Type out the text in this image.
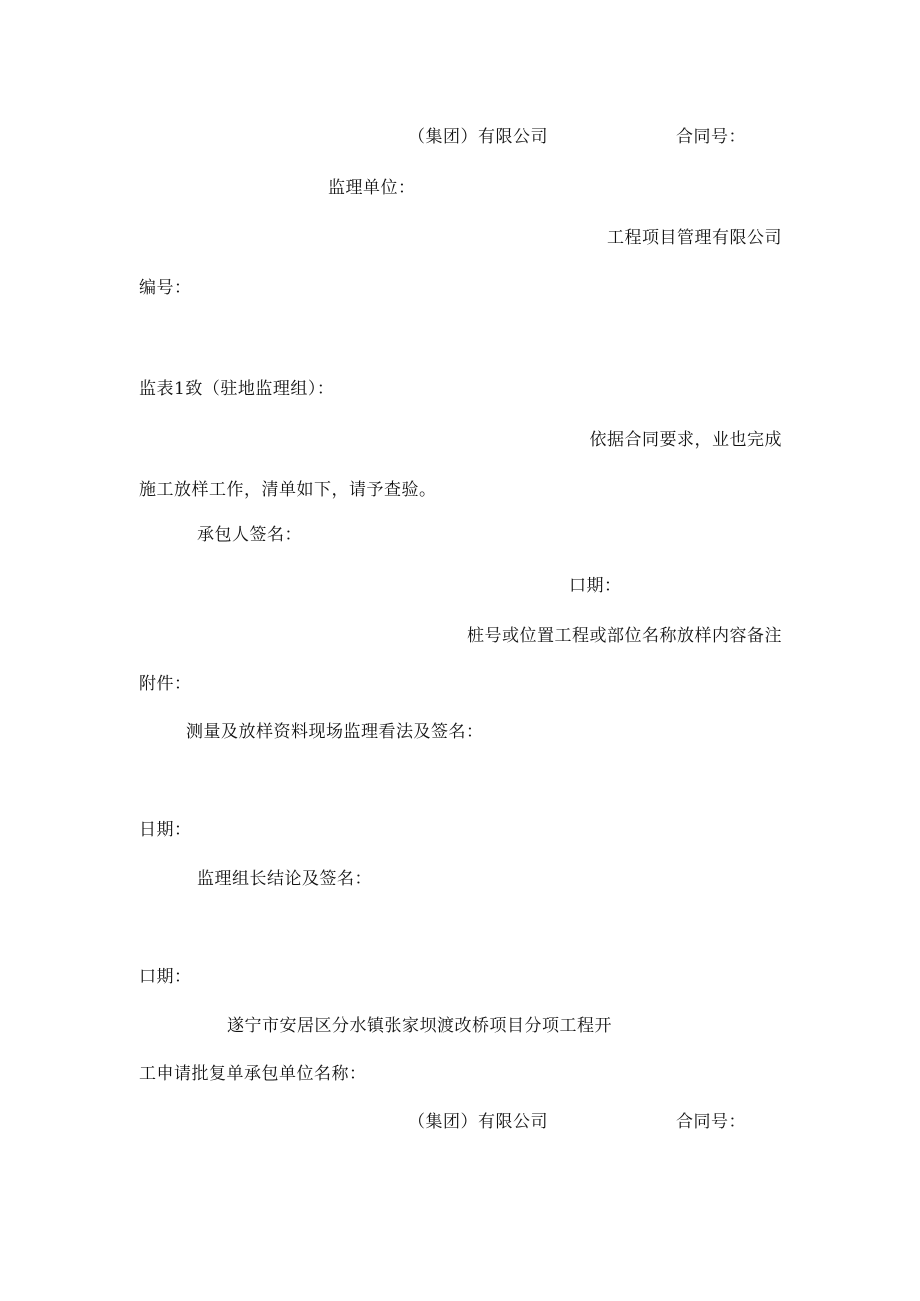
（集团）有限公司	合同号：
监理单位：
工程项目管理有限公司
编号：
监表1致（驻地监理组）：
依据合同要求，业也完成
施工放样工作，清单如下，请予查验。
承包人签名：
口期：
桩号或位置工程或部位名称放样内容备注
附件：
测量及放样资料现场监理看法及签名：
日期：
监理组长结论及签名：
口期：
遂宁市安居区分水镇张家坝渡改桥项目分项工程开
工申请批复单承包单位名称：
（集团）有限公司	合同号：
